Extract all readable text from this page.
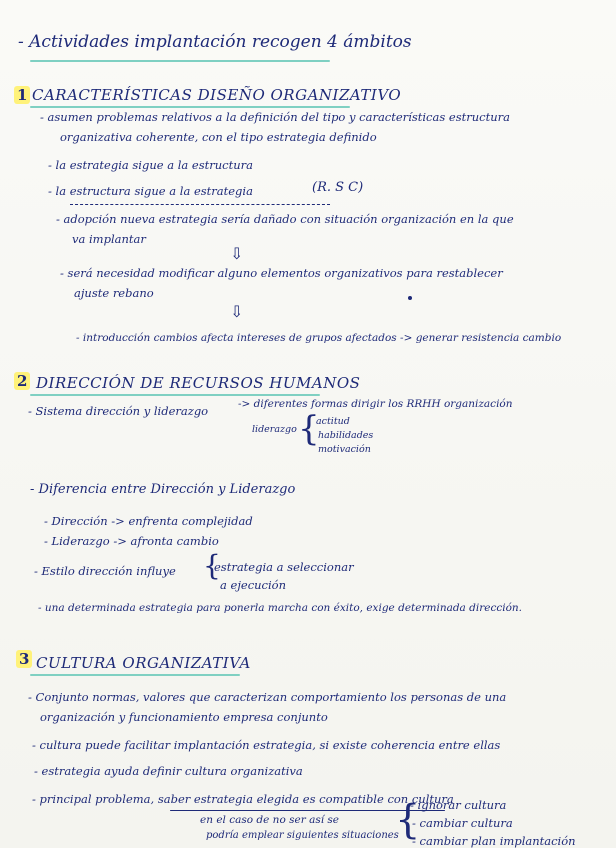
- Actividades implantación recogen 4 ámbitos
1 CARACTERÍSTICAS DISEÑO ORGANIZATIVO
- asumen problemas relativos a la definición del tipo y características estructura
organizativa coherente, con el tipo estrategia definido
- la estrategia sigue a la estructura
- la estructura sigue a la estrategia	(R. S C)
- adopción nueva estrategia sería dañado con situación organización en la que
va implantar
⇩
- será necesidad modificar alguno elementos organizativos para restablecer
ajuste rebano
⇩
- introducción cambios afecta intereses de grupos afectados -> generar resistencia cambio
2 DIRECCIÓN DE RECURSOS HUMANOS
- Sistema dirección y liderazgo	-> diferentes formas dirigir los RRHH organización
liderazgo {
actitud
habilidades
motivación
- Diferencia entre Dirección y Liderazgo
- Dirección -> enfrenta complejidad
- Liderazgo -> afronta cambio
- Estilo dirección influye {
estrategia a seleccionar
a ejecución
- una determinada estrategia para ponerla marcha con éxito, exige determinada dirección.
3 CULTURA ORGANIZATIVA
- Conjunto normas, valores que caracterizan comportamiento los personas de una
organización y funcionamiento empresa conjunto
- cultura puede facilitar implantación estrategia, si existe coherencia entre ellas
- estrategia ayuda definir cultura organizativa
- principal problema, saber estrategia elegida es compatible con cultura
en el caso de no ser así se
podría emplear siguientes situaciones
{
- ignorar cultura
- cambiar cultura
- cambiar plan implantación
